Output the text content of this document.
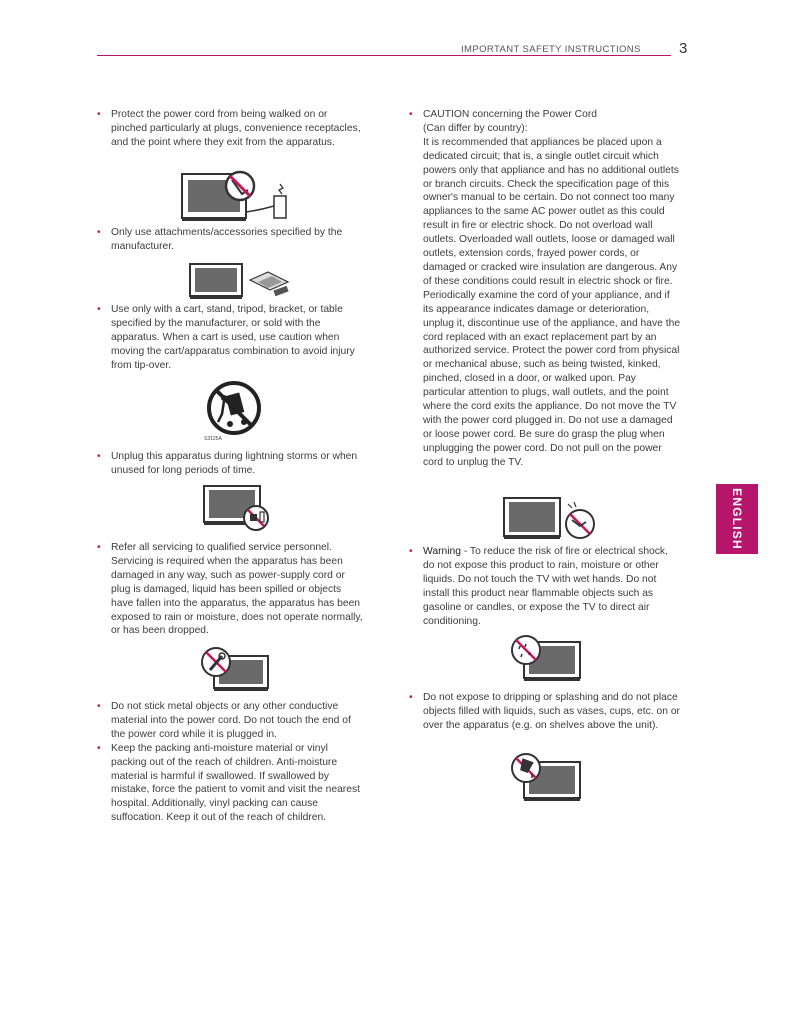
IMPORTANT SAFETY INSTRUCTIONS	3
ENGLISH
• Protect the power cord from being walked on or pinched particularly at plugs, convenience receptacles, and the point where they exit from the apparatus.
• Only use attachments/accessories specified by the manufacturer.
• Use only with a cart, stand, tripod, bracket, or table specified by the manufacturer, or sold with the apparatus. When a cart is used, use caution when moving the cart/apparatus combination to avoid injury from tip-over.
S3125A
• Unplug this apparatus during lightning storms or when unused for long periods of time.
• Refer all servicing to qualified service personnel. Servicing is required when the apparatus has been damaged in any way, such as power-supply cord or plug is damaged, liquid has been spilled or objects have fallen into the apparatus, the apparatus has been exposed to rain or moisture, does not operate normally, or has been dropped.
• Do not stick metal objects or any other conductive material into the power cord. Do not touch the end of the power cord while it is plugged in.
• Keep the packing anti-moisture material or vinyl packing out of the reach of children. Anti-moisture material is harmful if swallowed. If swallowed by mistake, force the patient to vomit and visit the nearest hospital. Additionally, vinyl packing can cause suffocation. Keep it out of the reach of children.
• CAUTION concerning the Power Cord
(Can differ by country):
It is recommended that appliances be placed upon a dedicated circuit; that is, a single outlet circuit which powers only that appliance and has no additional outlets or branch circuits. Check the specification page of this owner's manual to be certain. Do not connect too many appliances to the same AC power outlet as this could result in fire or electric shock. Do not overload wall outlets. Overloaded wall outlets, loose or damaged wall outlets, extension cords, frayed power cords, or damaged or cracked wire insulation are dangerous. Any of these conditions could result in electric shock or fire. Periodically examine the cord of your appliance, and if its appearance indicates damage or deterioration, unplug it, discontinue use of the appliance, and have the cord replaced with an exact replacement part by an authorized service. Protect the power cord from physical or mechanical abuse, such as being twisted, kinked, pinched, closed in a door, or walked upon. Pay particular attention to plugs, wall outlets, and the point where the cord exits the appliance. Do not move the TV with the power cord plugged in. Do not use a damaged or loose power cord. Be sure do grasp the plug when unplugging the power cord. Do not pull on the power cord to unplug the TV.
• Warning - To reduce the risk of fire or electrical shock, do not expose this product to rain, moisture or other liquids. Do not touch the TV with wet hands. Do not install this product near flammable objects such as gasoline or candles, or expose the TV to direct air conditioning.
• Do not expose to dripping or splashing and do not place objects filled with liquids, such as vases, cups, etc. on or over the apparatus (e.g. on shelves above the unit).
